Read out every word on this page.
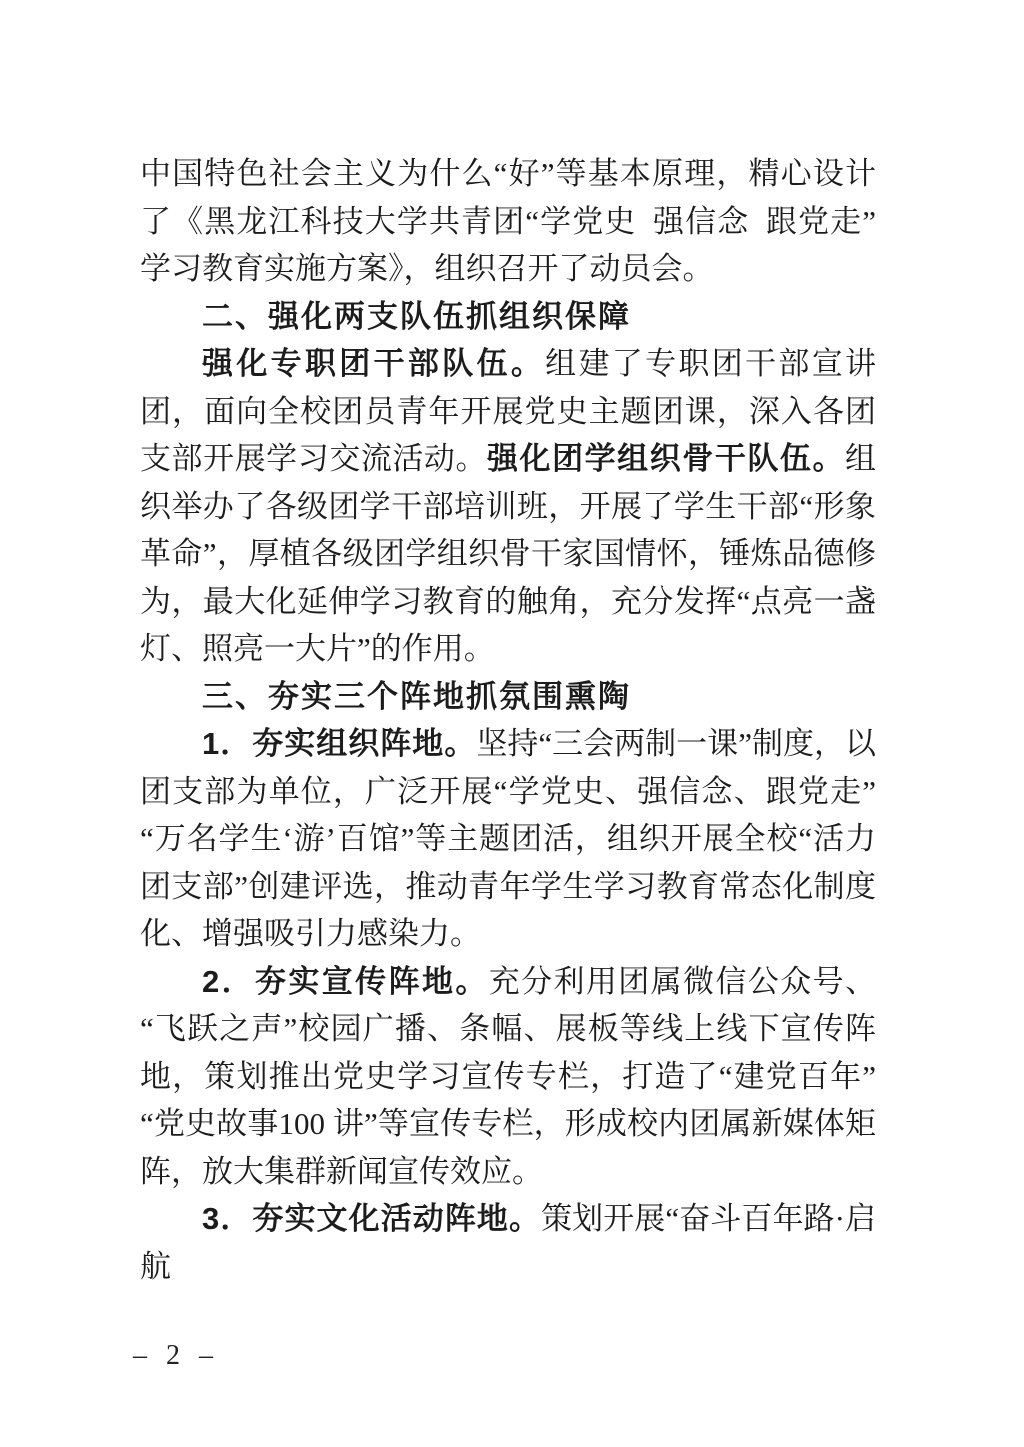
中国特色社会主义为什么“好”等基本原理，精心设计了《黑龙江科技大学共青团“学党史 强信念 跟党走”学习教育实施方案》，组织召开了动员会。

二、强化两支队伍抓组织保障

强化专职团干部队伍。组建了专职团干部宣讲团，面向全校团员青年开展党史主题团课，深入各团支部开展学习交流活动。强化团学组织骨干队伍。组织举办了各级团学干部培训班，开展了学生干部“形象革命”，厚植各级团学组织骨干家国情怀，锤炼品德修为，最大化延伸学习教育的触角，充分发挥“点亮一盏灯、照亮一大片”的作用。

三、夯实三个阵地抓氛围熏陶

1．夯实组织阵地。坚持“三会两制一课”制度，以团支部为单位，广泛开展“学党史、强信念、跟党走”“万名学生‘游’百馆”等主题团活，组织开展全校“活力团支部”创建评选，推动青年学生学习教育常态化制度化、增强吸引力感染力。

2．夯实宣传阵地。充分利用团属微信公众号、“飞跃之声”校园广播、条幅、展板等线上线下宣传阵地，策划推出党史学习宣传专栏，打造了“建党百年”“党史故事100 讲”等宣传专栏，形成校内团属新媒体矩阵，放大集群新闻宣传效应。

3．夯实文化活动阵地。策划开展“奋斗百年路·启航

– 2 –
